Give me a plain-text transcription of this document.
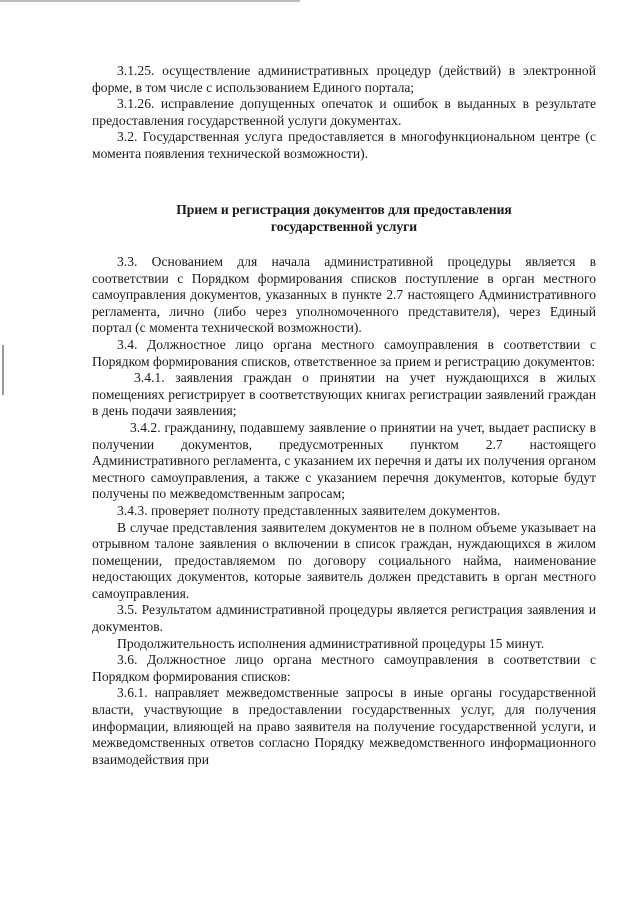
3.1.25. осуществление административных процедур (действий) в электронной форме, в том числе с использованием Единого портала;

3.1.26. исправление допущенных опечаток и ошибок в выданных в результате предоставления государственной услуги документах.

3.2. Государственная услуга предоставляется в многофункциональном центре (с момента появления технической возможности).

Прием и регистрация документов для предоставления
государственной услуги

3.3. Основанием для начала административной процедуры является в соответствии с Порядком формирования списков поступление в орган местного самоуправления документов, указанных в пункте 2.7 настоящего Административного регламента, лично (либо через уполномоченного представителя), через Единый портал (с момента технической возможности).

3.4. Должностное лицо органа местного самоуправления в соответствии с Порядком формирования списков, ответственное за прием и регистрацию документов:

3.4.1. заявления граждан о принятии на учет нуждающихся в жилых помещениях регистрирует в соответствующих книгах регистрации заявлений граждан в день подачи заявления;

3.4.2. гражданину, подавшему заявление о принятии на учет, выдает расписку в получении документов, предусмотренных пунктом 2.7 настоящего Административного регламента, с указанием их перечня и даты их получения органом местного самоуправления, а также с указанием перечня документов, которые будут получены по межведомственным запросам;

3.4.3. проверяет полноту представленных заявителем документов.

В случае представления заявителем документов не в полном объеме указывает на отрывном талоне заявления о включении в список граждан, нуждающихся в жилом помещении, предоставляемом по договору социального найма, наименование недостающих документов, которые заявитель должен представить в орган местного самоуправления.

3.5. Результатом административной процедуры является регистрация заявления и документов.

Продолжительность исполнения административной процедуры 15 минут.

3.6. Должностное лицо органа местного самоуправления в соответствии с Порядком формирования списков:

3.6.1. направляет межведомственные запросы в иные органы государственной власти, участвующие в предоставлении государственных услуг, для получения информации, влияющей на право заявителя на получение государственной услуги, и межведомственных ответов согласно Порядку межведомственного информационного взаимодействия при
